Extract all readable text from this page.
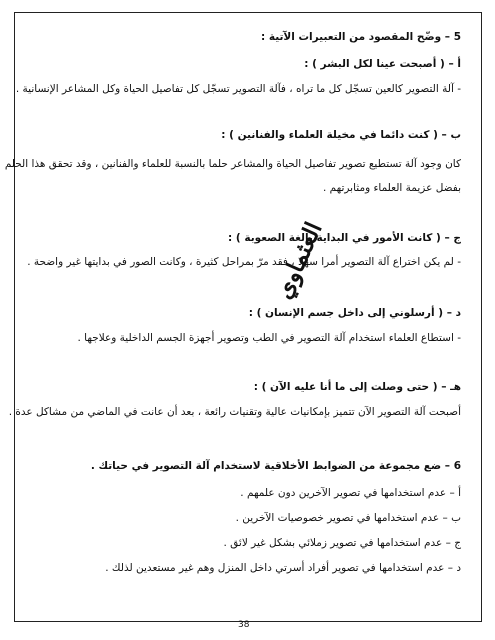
5 – وضّح المقصود من التعبيرات الآتية :
أ – ( أصبحت عينا لكل البشر ) :
- آلة التصوير كالعين تسجّل كل ما تراه ، فآلة التصوير تسجّل كل تفاصيل الحياة وكل المشاعر الإنسانية .
ب – ( كنت دائما في مخيلة العلماء والفنانين ) :
كان وجود آلة تستطيع تصوير تفاصيل الحياة والمشاعر حلما بالنسبة للعلماء والفنانين ، وقد تحقق هذا الحلم
بفضل عزيمة العلماء ومثابرتهم .
ج – ( كانت الأمور في البداية بالغة الصعوبة ) :
- لم يكن اختراع آلة التصوير أمرا سهلا ، فقد مرّ بمراحل كثيرة ، وكانت الصور في بدايتها غير واضحة .
د – ( أرسلوني إلى داخل جسم الإنسان ) :
- استطاع العلماء استخدام آلة التصوير في الطب وتصوير أجهزة الجسم الداخلية وعلاجها .
هـ – ( حتى وصلت إلى ما أنا عليه الآن ) :
أصبحت آلة التصوير الآن تتميز بإمكانيات عالية وتقنيات رائعة ، بعد أن عانت في الماضي من مشاكل عدة .
6 – ضع مجموعة من الضوابط الأخلاقية لاستخدام آلة التصوير في حياتك .
أ – عدم استخدامها في تصوير الآخرين دون علمهم .
ب – عدم استخدامها في تصوير خصوصيات الآخرين .
ج – عدم استخدامها في تصوير زملائي بشكل غير لائق .
د – عدم استخدامها في تصوير أفراد أسرتي داخل المنزل وهم غير مستعدين لذلك .
العثماوي
38
